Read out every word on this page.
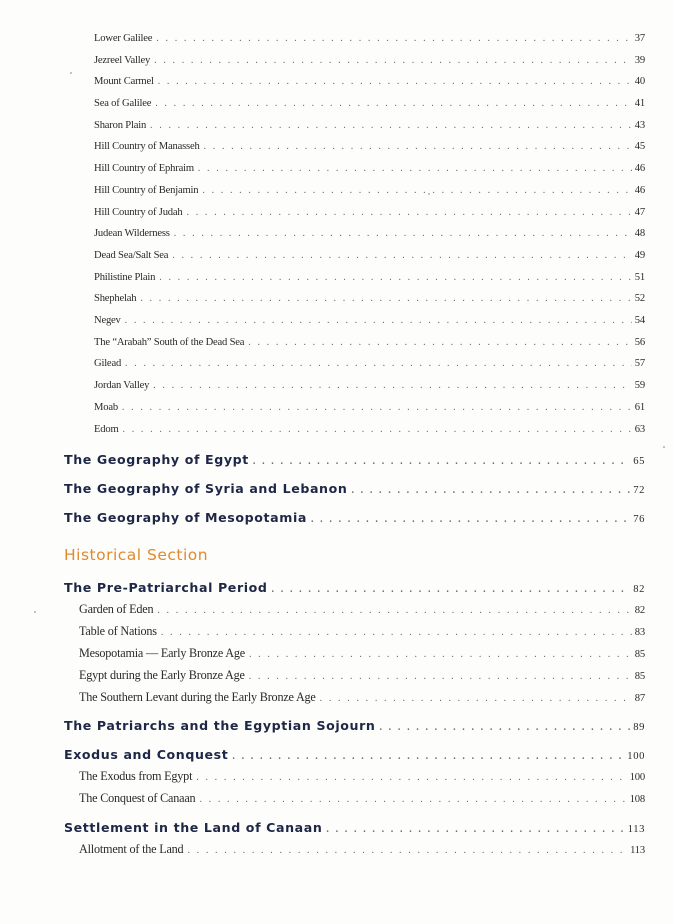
Lower Galilee . . .	37
Jezreel Valley . . .	39
Mount Carmel . . .	40
Sea of Galilee . . .	41
Sharon Plain . . .	43
Hill Country of Manasseh . . .	45
Hill Country of Ephraim . . .	46
Hill Country of Benjamin . . .	46
Hill Country of Judah . . .	47
Judean Wilderness . . .	48
Dead Sea/Salt Sea . . .	49
Philistine Plain . . .	51
Shephelah . . .	52
Negev . . .	54
The “Arabah” South of the Dead Sea . . .	56
Gilead . . .	57
Jordan Valley . . .	59
Moab . . .	61
Edom . . .	63
The Geography of Egypt . . .	65
The Geography of Syria and Lebanon . . .	72
The Geography of Mesopotamia . . .	76
Historical Section
The Pre-Patriarchal Period . . .	82
Garden of Eden . . .	82
Table of Nations . . .	83
Mesopotamia — Early Bronze Age . . .	85
Egypt during the Early Bronze Age . . .	85
The Southern Levant during the Early Bronze Age . . .	87
The Patriarchs and the Egyptian Sojourn . . .	89
Exodus and Conquest . . .	100
The Exodus from Egypt . . .	100
The Conquest of Canaan . . .	108
Settlement in the Land of Canaan . . .	113
Allotment of the Land . . .	113
